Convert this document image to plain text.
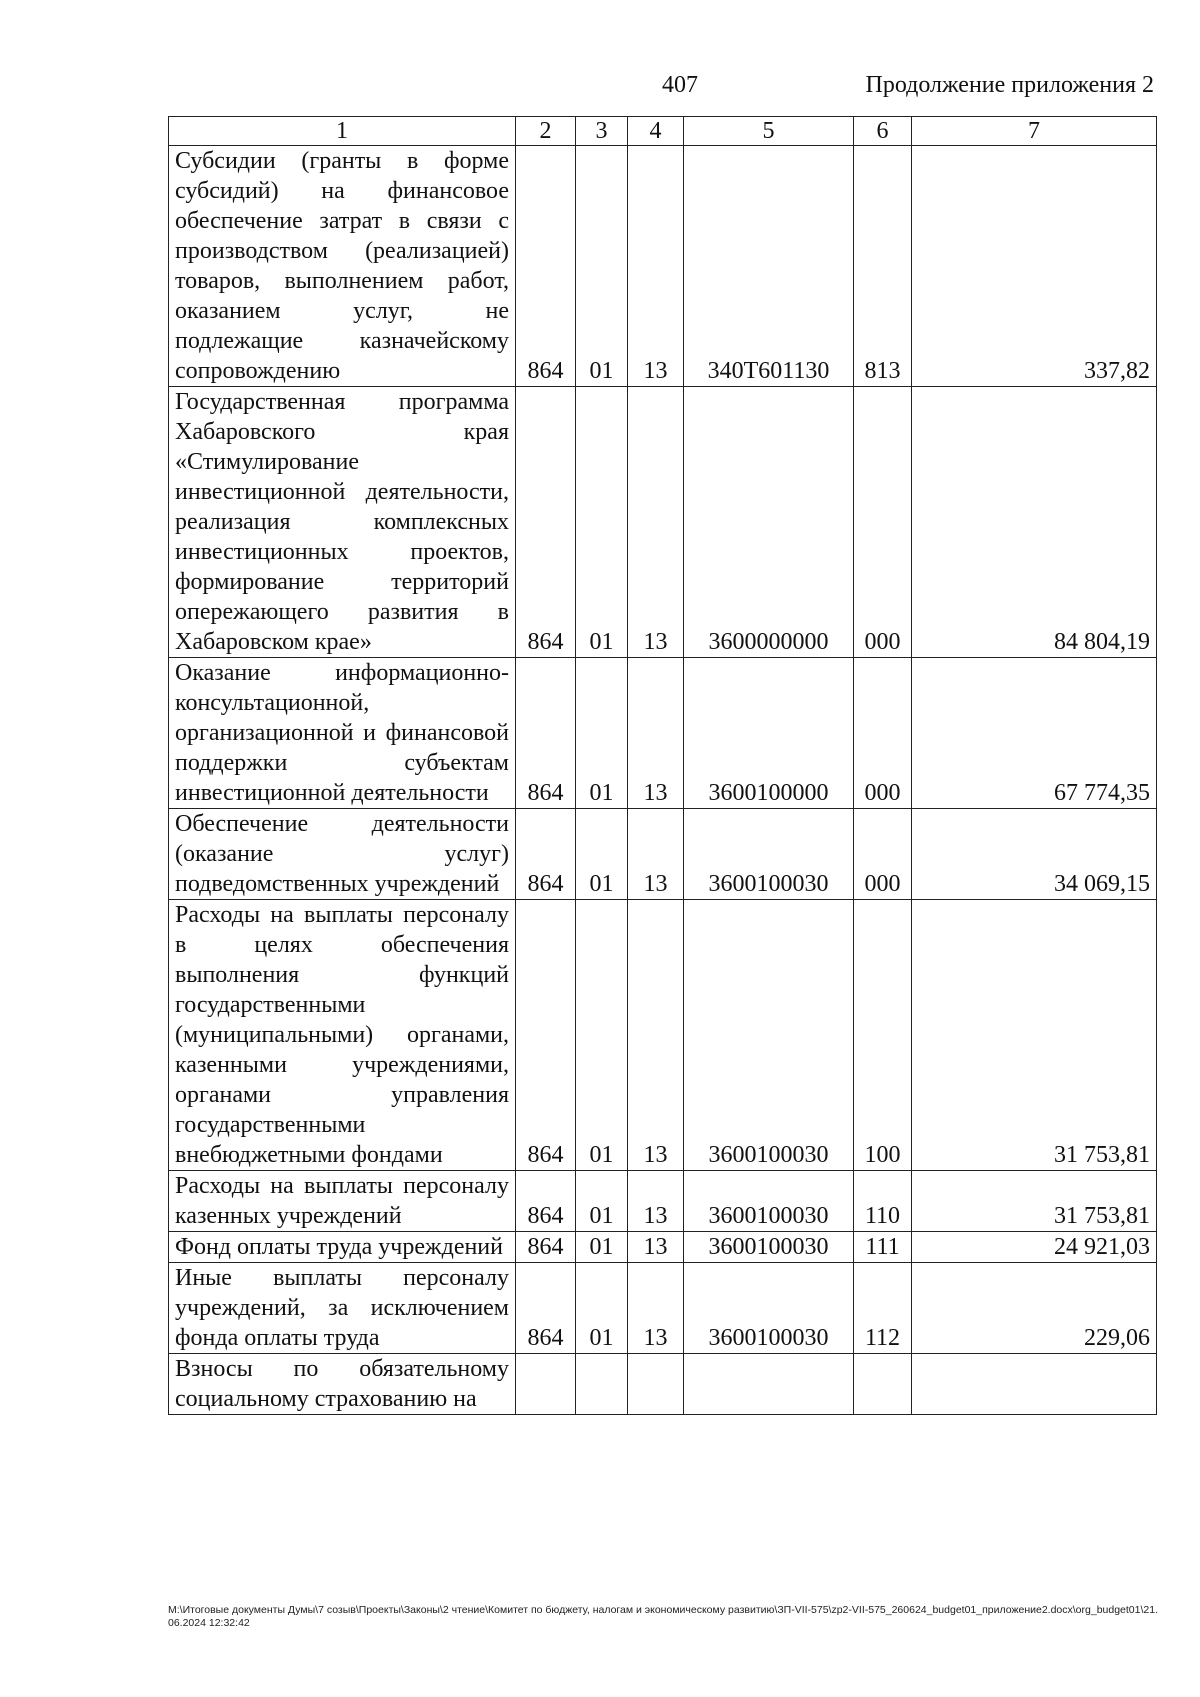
407	Продолжение приложения 2
1	2	3	4	5	6	7
Субсидии (гранты в форме субсидий) на финансовое обеспечение затрат в связи с производством (реализацией) товаров, выполнением работ, оказанием услуг, не подлежащие казначейскому сопровождению	864	01	13	340Т601130	813	337,82
Государственная программа Хабаровского края «Стимулирование инвестиционной деятельности, реализация комплексных инвестиционных проектов, формирование территорий опережающего развития в Хабаровском крае»	864	01	13	3600000000	000	84 804,19
Оказание информационно-консультационной, организационной и финансовой поддержки субъектам инвестиционной деятельности	864	01	13	3600100000	000	67 774,35
Обеспечение деятельности (оказание услуг) подведомственных учреждений	864	01	13	3600100030	000	34 069,15
Расходы на выплаты персоналу в целях обеспечения выполнения функций государственными (муниципальными) органами, казенными учреждениями, органами управления государственными внебюджетными фондами	864	01	13	3600100030	100	31 753,81
Расходы на выплаты персоналу казенных учреждений	864	01	13	3600100030	110	31 753,81
Фонд оплаты труда учреждений	864	01	13	3600100030	111	24 921,03
Иные выплаты персоналу учреждений, за исключением фонда оплаты труда	864	01	13	3600100030	112	229,06
Взносы по обязательному социальному страхованию на						
M:\Итоговые документы Думы\7 созыв\Проекты\Законы\2 чтение\Комитет по бюджету, налогам и экономическому развитию\ЗП-VII-575\zp2-VII-575_260624_budget01_приложение2.docx\org_budget01\21.06.2024 12:32:42
